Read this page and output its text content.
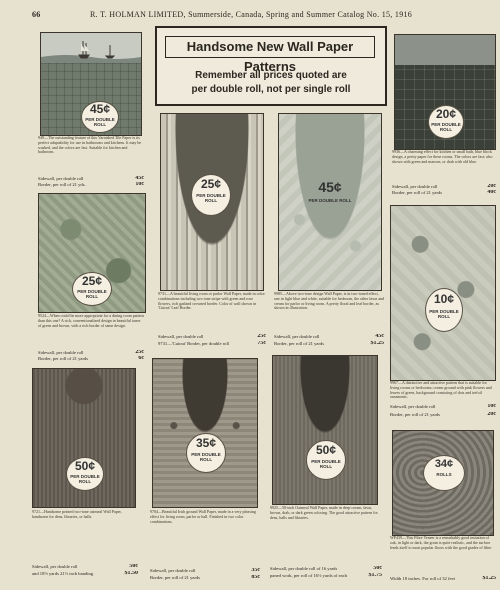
66	R. T. HOLMAN LIMITED, Summerside, Canada, Spring and Summer Catalog No. 15, 1916
Handsome New Wall Paper Patterns
Remember all prices quoted are
per double roll, not per single roll
45¢
PER DOUBLE ROLL
949—The outstanding feature of this Varnished Tile Paper is its perfect adaptability for use in bathrooms and kitchens. It may be washed, and the colors are fast. Suitable for kitchen and bathroom.
Sidewall, per double roll	45c
Border, per roll of 21 yds.	10c
25¢
PER DOUBLE ROLL
9524—When could be more appropriate for a dining room pattern than this one? A rich, conventionalized design in beautiful tones of green and brown, with a rich border of same design.
Sidewall, per double roll	25c
Border, per roll of 21 yards	6c
50¢
PER DOUBLE ROLL
9721—Handsome printed two-tone oatmeal Wall Paper, handsome for dens, libraries, or halls.
Sidewall, per double roll	50c
and 18½ yards 21½ inch banding	$1.50
25¢
PER DOUBLE ROLL
9731—A beautiful living room or parlor Wall Paper, made in color combinations including two tone stripe with green and rose flowers, rich garland crowned border. Color of wall shown in 'Cutout' Leaf Border.
Sidewall, per double roll	25c
9731—'Cutout' Border, per double roll	75c
35¢
PER DOUBLE ROLL
9704—Beautiful Irish ground Wall Paper, made in a very pleasing effect for living room, parlor or hall. Finished in two color combinations.
Sidewall, per double roll	35c
Border, per roll of 21 yards	85c
45¢
PER DOUBLE ROLL
9985—Above two-tone design Wall Paper, is in two-toned effect, one in light blue and white, suitable for bedroom, the other fawn and cream for parlor or living room. A pretty floral and leaf border, as shown in illustration.
Sidewall, per double roll	45c
Border, per roll of 21 yards	$1.25
50¢
PER DOUBLE ROLL
9925—50-inch Oatmeal Wall Paper, made in deep cream, fawn, brown, drab, or dark green coloring. The good attractive pattern for dens, halls and libraries.
Sidewall, per double roll of 16 yards	50c
paned work, per roll of 16½ yards of each	$1.75
20¢
PER DOUBLE ROLL
9936—A charming effect for kitchen or small bath, blue block design, a pretty paper for these rooms. The colors are fast; also shown with green and maroon, or drab with old blue.
Sidewall, per double roll	20c
Border, per roll of 21 yards	40c
10¢
PER DOUBLE ROLL
9967—A distinctive and attractive pattern that is suitable for living rooms or bedrooms; cream ground with pink flowers and leaves of green, background consisting of dots and trefoil ornaments.
Sidewall, per double roll	10c
Border, per roll of 21 yards	20c
34¢
ROLLS
WP439—This Fibre Veneer is a remarkably good imitation of oak, in light or dark, the grain is quite realistic, and the surface lends itself to most popular floors with the good grades of fibre.
Width 18 inches. For roll of 32 feet	$1.25
